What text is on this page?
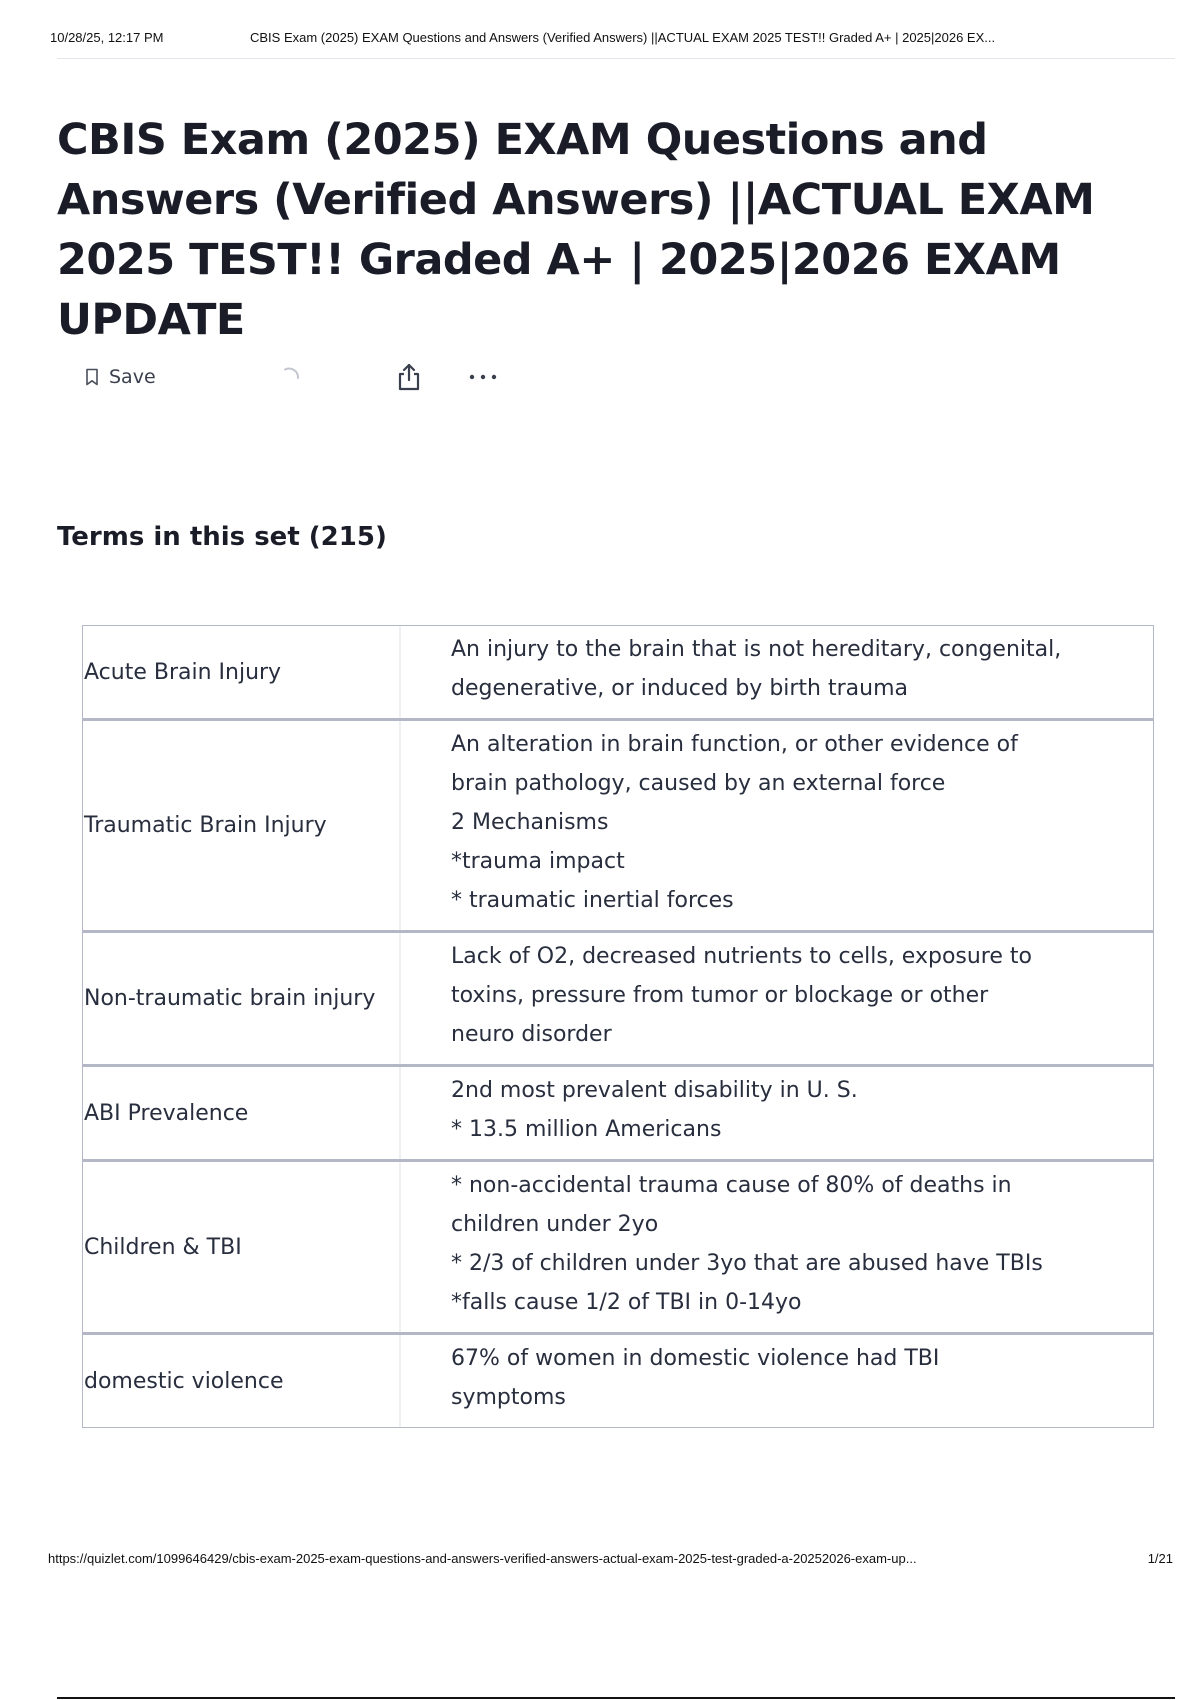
10/28/25, 12:17 PM	CBIS Exam (2025) EXAM Questions and Answers (Verified Answers) ||ACTUAL EXAM 2025 TEST!! Graded A+ | 2025|2026 EX...
CBIS Exam (2025) EXAM Questions and Answers (Verified Answers) ||ACTUAL EXAM 2025 TEST!! Graded A+ | 2025|2026 EXAM UPDATE
Save
Terms in this set (215)
Acute Brain Injury
An injury to the brain that is not hereditary, congenital,
degenerative, or induced by birth trauma
Traumatic Brain Injury
An alteration in brain function, or other evidence of
brain pathology, caused by an external force
2 Mechanisms
*trauma impact
* traumatic inertial forces
Non-traumatic brain injury
Lack of O2, decreased nutrients to cells, exposure to
toxins, pressure from tumor or blockage or other
neuro disorder
ABI Prevalence
2nd most prevalent disability in U. S.
* 13.5 million Americans
Children & TBI
* non-accidental trauma cause of 80% of deaths in
children under 2yo
* 2/3 of children under 3yo that are abused have TBIs
*falls cause 1/2 of TBI in 0-14yo
domestic violence
67% of women in domestic violence had TBI
symptoms
https://quizlet.com/1099646429/cbis-exam-2025-exam-questions-and-answers-verified-answers-actual-exam-2025-test-graded-a-20252026-exam-up...	1/21
